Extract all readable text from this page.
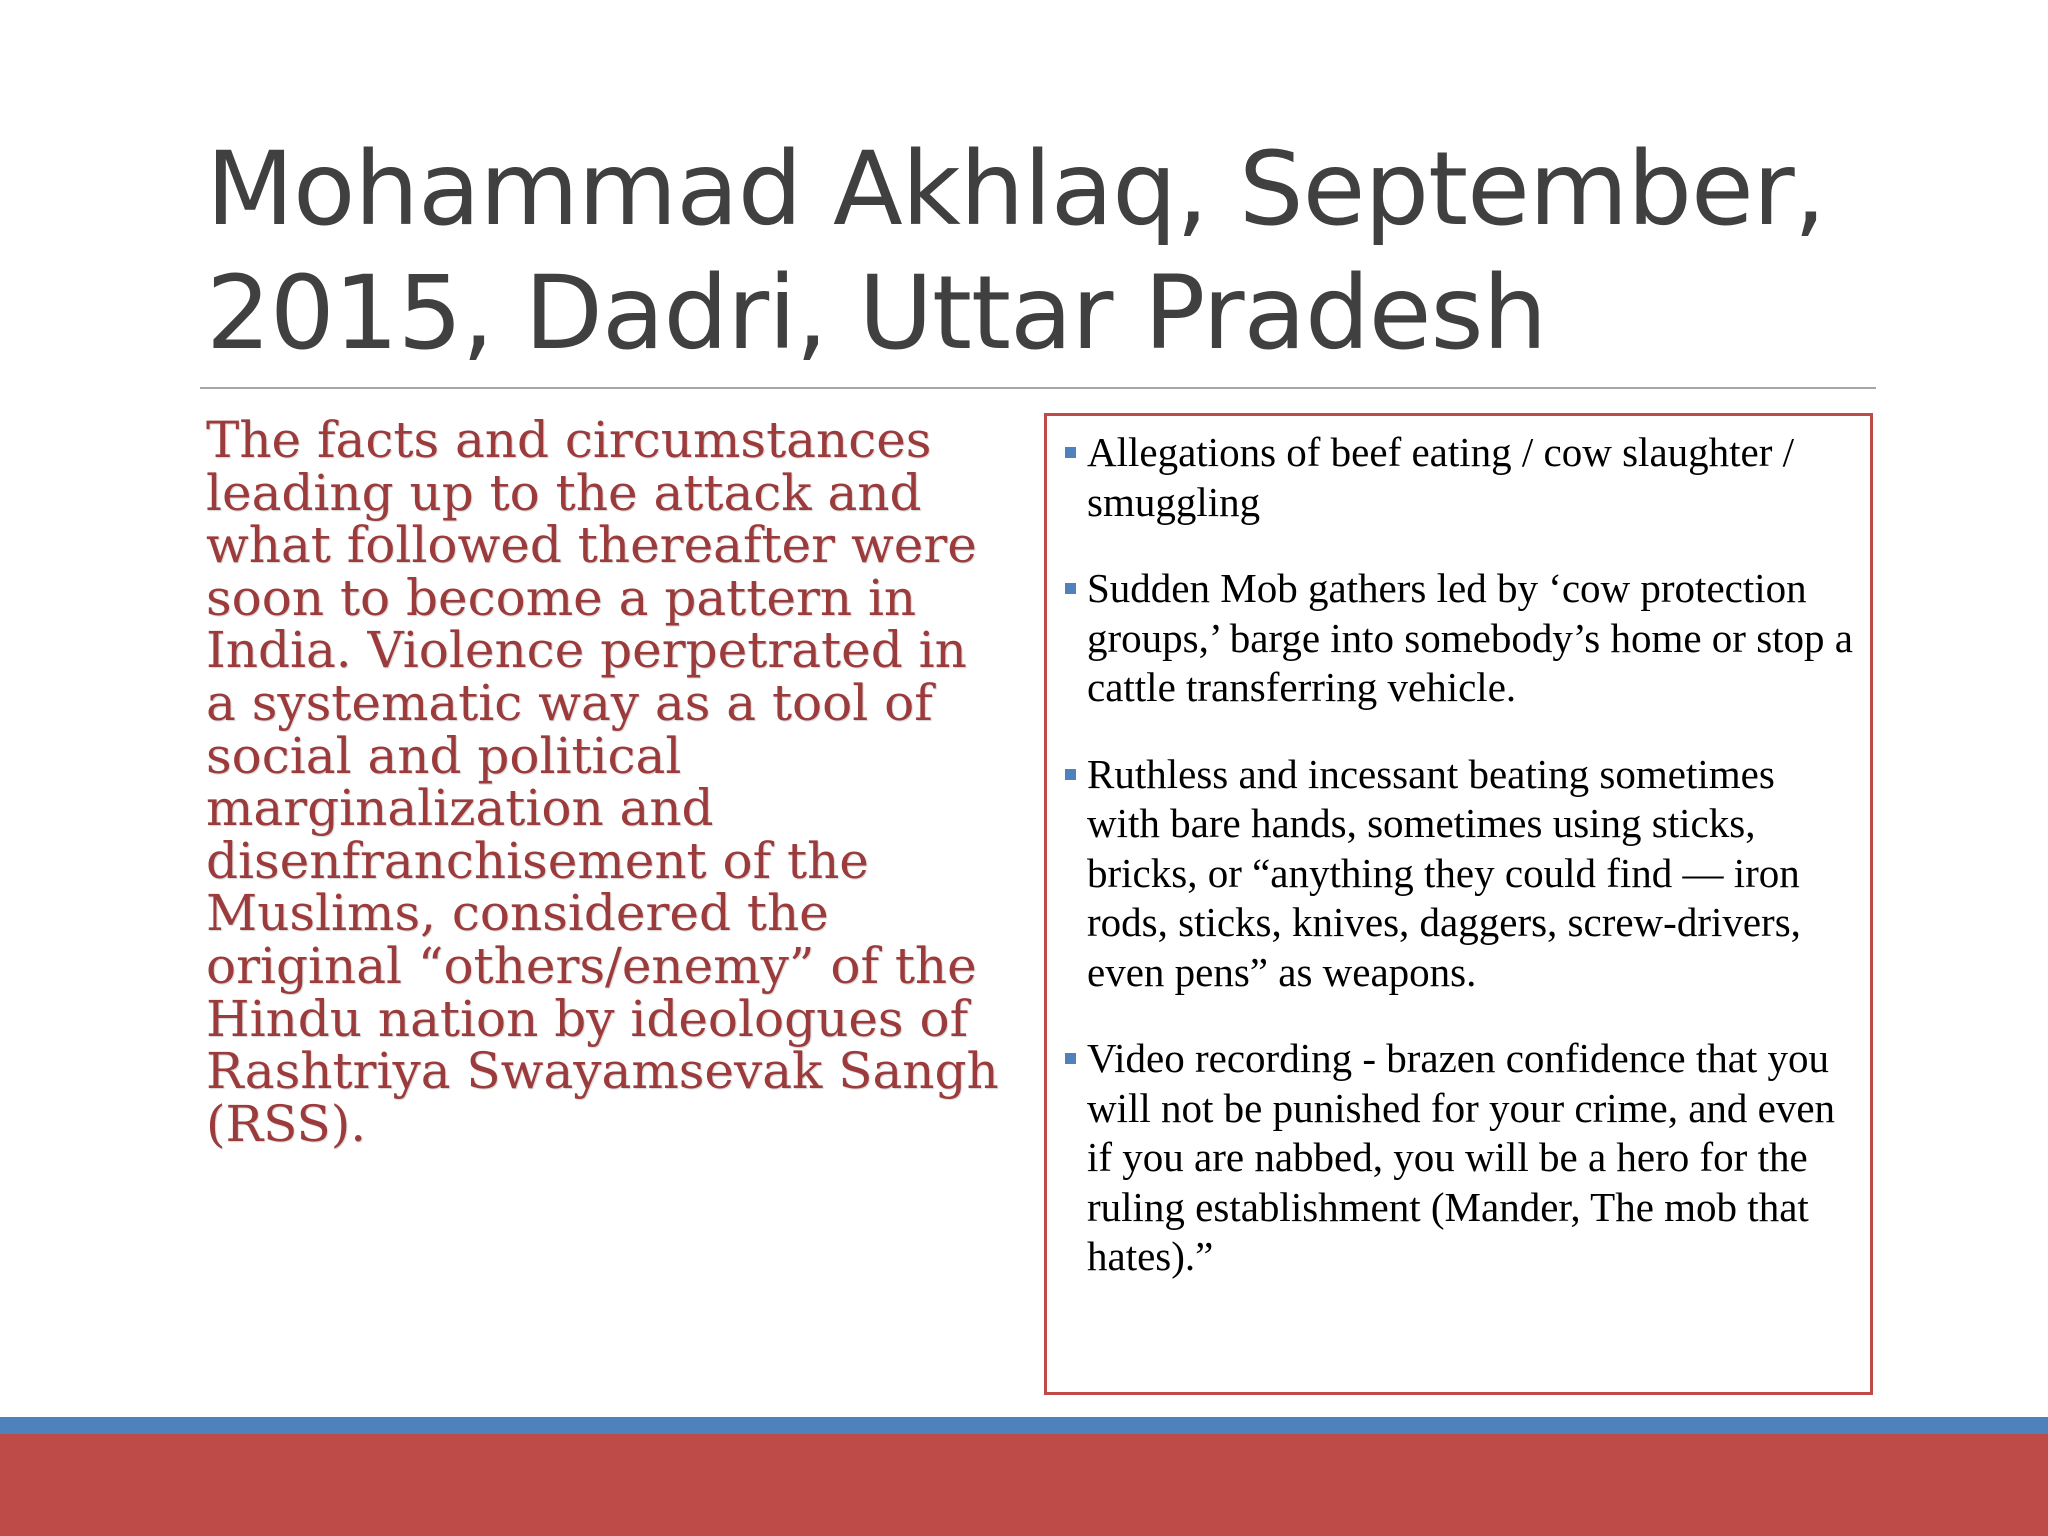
Mohammad Akhlaq, September, 2015, Dadri, Uttar Pradesh

The facts and circumstances leading up to the attack and what followed thereafter were soon to become a pattern in India. Violence perpetrated in a systematic way as a tool of social and political marginalization and disenfranchisement of the Muslims, considered the original “others/enemy” of the Hindu nation by ideologues of Rashtriya Swayamsevak Sangh (RSS).

Allegations of beef eating / cow slaughter / smuggling
Sudden Mob gathers led by ‘cow protection groups,’ barge into somebody’s home or stop a cattle transferring vehicle.
Ruthless and incessant beating sometimes with bare hands, sometimes using sticks, bricks, or “anything they could find — iron rods, sticks, knives, daggers, screw-drivers, even pens” as weapons.
Video recording - brazen confidence that you will not be punished for your crime, and even if you are nabbed, you will be a hero for the ruling establishment (Mander, The mob that hates).”
